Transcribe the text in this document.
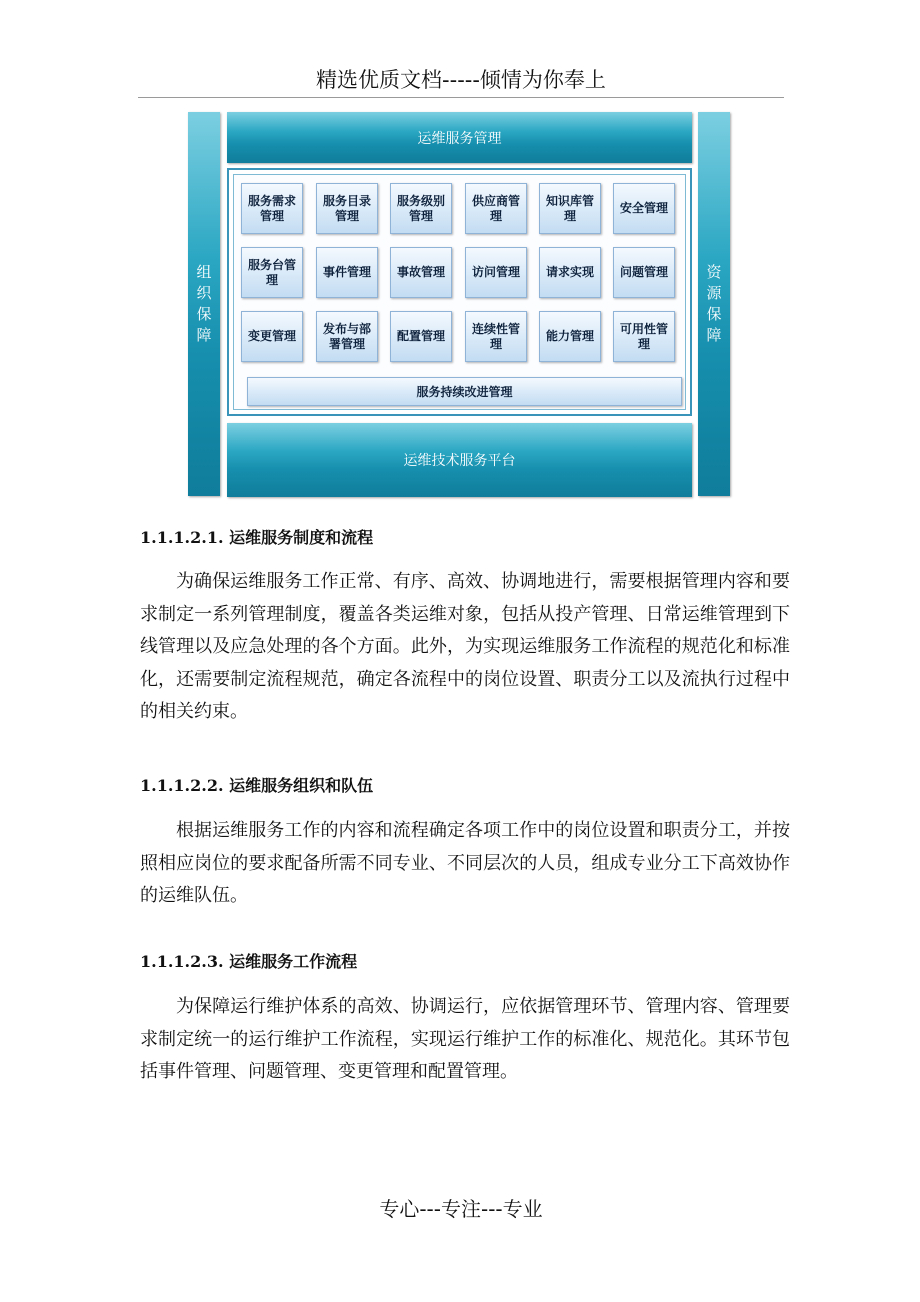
精选优质文档-----倾情为你奉上
组织保障
运维服务管理
服务需求管理
服务目录管理
服务级别管理
供应商管理
知识库管理
安全管理
服务台管理
事件管理 事故管理 访问管理 请求实现 问题管理
变更管理
发布与部署管理
配置管理
连续性管理
能力管理
可用性管理
服务持续改进管理
运维技术服务平台
资源保障
1.1.1.2.1. 运维服务制度和流程

为确保运维服务工作正常、有序、高效、协调地进行，需要根据管理内容和要求制定一系列管理制度，覆盖各类运维对象，包括从投产管理、日常运维管理到下线管理以及应急处理的各个方面。此外，为实现运维服务工作流程的规范化和标准化，还需要制定流程规范，确定各流程中的岗位设置、职责分工以及流执行过程中的相关约束。

1.1.1.2.2. 运维服务组织和队伍

根据运维服务工作的内容和流程确定各项工作中的岗位设置和职责分工，并按照相应岗位的要求配备所需不同专业、不同层次的人员，组成专业分工下高效协作的运维队伍。

1.1.1.2.3. 运维服务工作流程

为保障运行维护体系的高效、协调运行，应依据管理环节、管理内容、管理要求制定统一的运行维护工作流程，实现运行维护工作的标准化、规范化。其环节包括事件管理、问题管理、变更管理和配置管理。

专心---专注---专业
